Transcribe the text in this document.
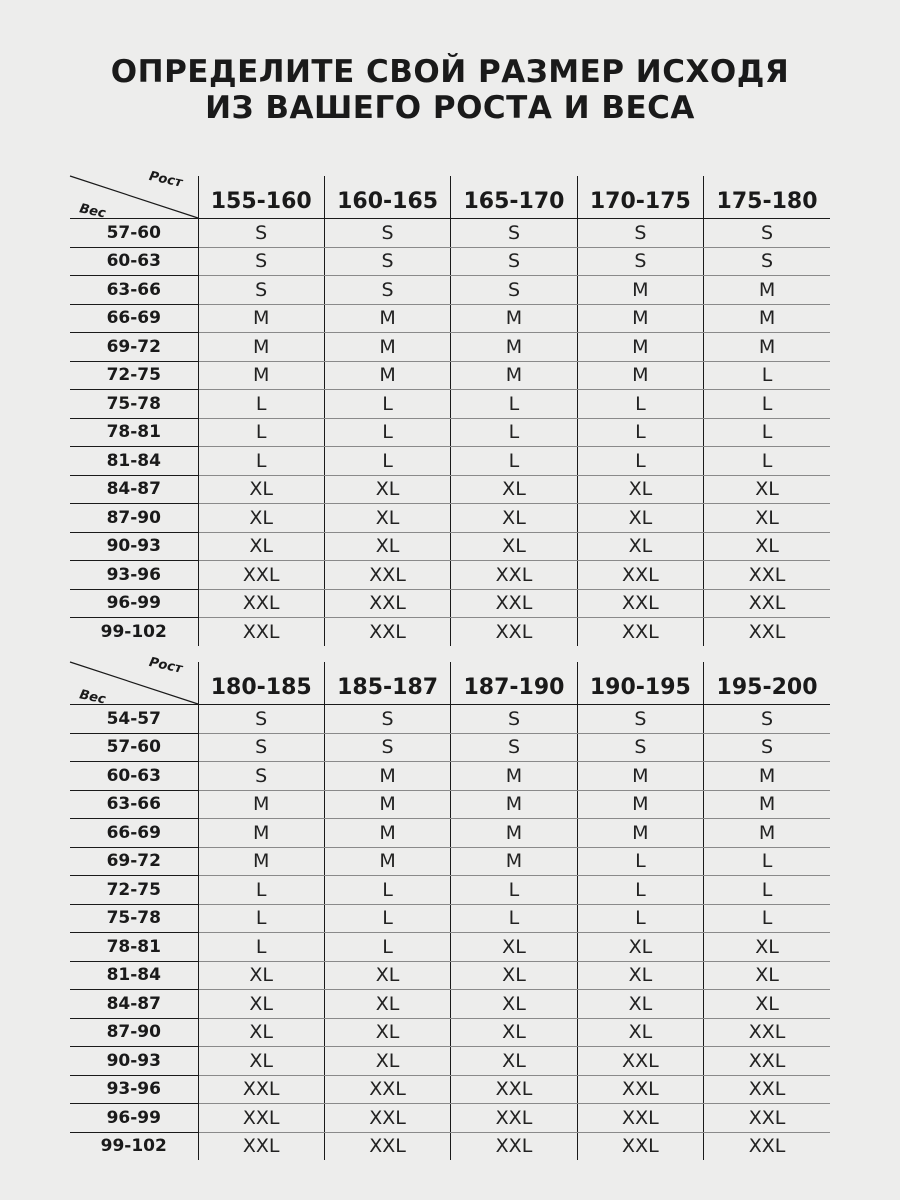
ОПРЕДЕЛИТЕ СВОЙ РАЗМЕР ИСХОДЯ
ИЗ ВАШЕГО РОСТА И ВЕСА
Рост
Вес	155-160	160-165	165-170	170-175	175-180
57-60	S	S	S	S	S
60-63	S	S	S	S	S
63-66	S	S	S	M	M
66-69	M	M	M	M	M
69-72	M	M	M	M	M
72-75	M	M	M	M	L
75-78	L	L	L	L	L
78-81	L	L	L	L	L
81-84	L	L	L	L	L
84-87	XL	XL	XL	XL	XL
87-90	XL	XL	XL	XL	XL
90-93	XL	XL	XL	XL	XL
93-96	XXL	XXL	XXL	XXL	XXL
96-99	XXL	XXL	XXL	XXL	XXL
99-102	XXL	XXL	XXL	XXL	XXL
Рост
Вес	180-185	185-187	187-190	190-195	195-200
54-57	S	S	S	S	S
57-60	S	S	S	S	S
60-63	S	M	M	M	M
63-66	M	M	M	M	M
66-69	M	M	M	M	M
69-72	M	M	M	L	L
72-75	L	L	L	L	L
75-78	L	L	L	L	L
78-81	L	L	XL	XL	XL
81-84	XL	XL	XL	XL	XL
84-87	XL	XL	XL	XL	XL
87-90	XL	XL	XL	XL	XXL
90-93	XL	XL	XL	XXL	XXL
93-96	XXL	XXL	XXL	XXL	XXL
96-99	XXL	XXL	XXL	XXL	XXL
99-102	XXL	XXL	XXL	XXL	XXL
